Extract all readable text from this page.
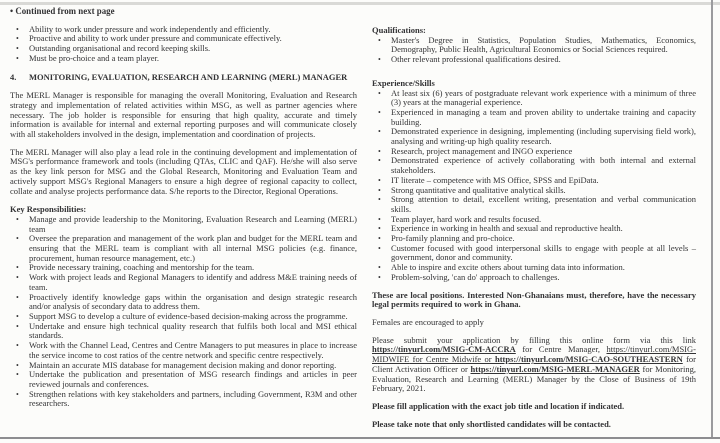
• Continued from next page
• Ability to work under pressure and work independently and efficiently.
• Proactive and ability to work under pressure and communicate effectively.
• Outstanding organisational and record keeping skills.
• Must be pro-choice and a team player.
4.	MONITORING, EVALUATION, RESEARCH AND LEARNING (MERL) MANAGER

The MERL Manager is responsible for managing the overall Monitoring, Evaluation and Research strategy and implementation of related activities within MSG, as well as partner agencies where necessary. The job holder is responsible for ensuring that high quality, accurate and timely information is available for internal and external reporting purposes and will communicate closely with all stakeholders involved in the design, implementation and coordination of projects.

The MERL Manager will also play a lead role in the continuing development and implementation of MSG's performance framework and tools (including QTAs, CLIC and QAF). He/she will also serve as the key link person for MSG and the Global Research, Monitoring and Evaluation Team and actively support MSG's Regional Managers to ensure a high degree of regional capacity to collect, collate and analyse projects performance data. S/he reports to the Director, Regional Operations.

Key Responsibilities:
• Manage and provide leadership to the Monitoring, Evaluation Research and Learning (MERL) team
• Oversee the preparation and management of the work plan and budget for the MERL team and ensuring that the MERL team is compliant with all internal MSG policies (e.g. finance, procurement, human resource management, etc.)
• Provide necessary training, coaching and mentorship for the team.
• Work with project leads and Regional Managers to identify and address M&E training needs of team.
• Proactively identify knowledge gaps within the organisation and design strategic research and/or analysis of secondary data to address them.
• Support MSG to develop a culture of evidence-based decision-making across the programme.
• Undertake and ensure high technical quality research that fulfils both local and MSI ethical standards.
• Work with the Channel Lead, Centres and Centre Managers to put measures in place to increase the service income to cost ratios of the centre network and specific centre respectively.
• Maintain an accurate MIS database for management decision making and donor reporting.
• Undertake the publication and presentation of MSG research findings and articles in peer reviewed journals and conferences.
• Strengthen relations with key stakeholders and partners, including Government, R3M and other researchers.
Qualifications:
• Master's Degree in Statistics, Population Studies, Mathematics, Economics, Demography, Public Health, Agricultural Economics or Social Sciences required.
• Other relevant professional qualifications desired.
Experience/Skills
• At least six (6) years of postgraduate relevant work experience with a minimum of three (3) years at the managerial experience.
• Experienced in managing a team and proven ability to undertake training and capacity building.
• Demonstrated experience in designing, implementing (including supervising field work), analysing and writing-up high quality research.
• Research, project management and INGO experience
• Demonstrated experience of actively collaborating with both internal and external stakeholders.
• IT literate – competence with MS Office, SPSS and EpiData.
• Strong quantitative and qualitative analytical skills.
• Strong attention to detail, excellent writing, presentation and verbal communication skills.
• Team player, hard work and results focused.
• Experience in working in health and sexual and reproductive health.
• Pro-family planning and pro-choice.
• Customer focused with good interpersonal skills to engage with people at all levels – government, donor and community.
• Able to inspire and excite others about turning data into information.
• Problem-solving, 'can do' approach to challenges.

These are local positions. Interested Non-Ghanaians must, therefore, have the necessary legal permits required to work in Ghana.

Females are encouraged to apply

Please submit your application by filling this online form via this link https://tinyurl.com/MSIG-CM-ACCRA for Centre Manager, https://tinyurl.com/MSIG-MIDWIFE for Centre Midwife or https://tinyurl.com/MSIG-CAO-SOUTHEASTERN for Client Activation Officer or https://tinyurl.com/MSIG-MERL-MANAGER for Monitoring, Evaluation, Research and Learning (MERL) Manager by the Close of Business of 19th February, 2021.

Please fill application with the exact job title and location if indicated.

Please take note that only shortlisted candidates will be contacted.
